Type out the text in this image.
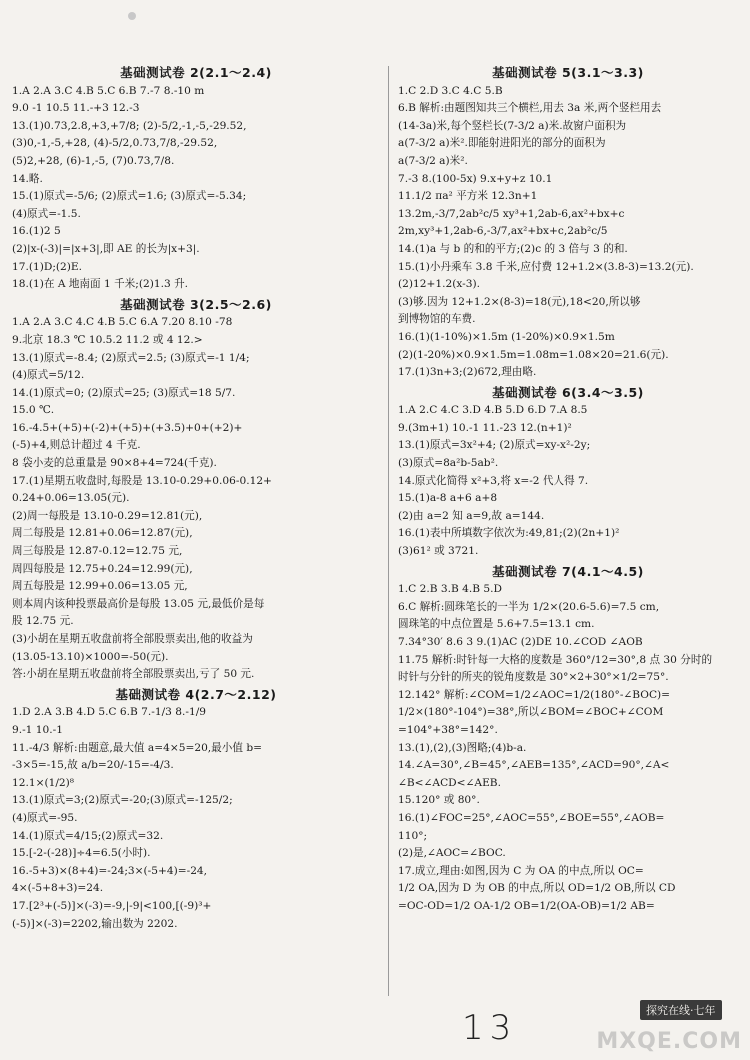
基础测试卷 2(2.1～2.4)
1.A 2.A 3.C 4.B 5.C 6.B 7.-7 8.-10 m
9.0 -1 10.5 11.-+3 12.-3
13.(1)0.73,2.8,+3,+7/8; (2)-5/2,-1,-5,-29.52,
(3)0,-1,-5,+28, (4)-5/2,0.73,7/8,-29.52,
(5)2,+28, (6)-1,-5, (7)0.73,7/8.
14.略.
15.(1)原式=-5/6; (2)原式=1.6; (3)原式=-5.34;
(4)原式=-1.5.
16.(1)2 5
(2)|x-(-3)|=|x+3|,即 AE 的长为|x+3|.
17.(1)D;(2)E.
18.(1)在 A 地南面 1 千米;(2)1.3 升.
基础测试卷 3(2.5～2.6)
1.A 2.A 3.C 4.C 4.B 5.C 6.A 7.20 8.10 -78
9.北京 18.3 ℃ 10.5.2 11.2 或 4 12.>
13.(1)原式=-8.4; (2)原式=2.5; (3)原式=-1 1/4;
(4)原式=5/12.
14.(1)原式=0; (2)原式=25; (3)原式=18 5/7.
15.0 ℃.
16.-4.5+(+5)+(-2)+(+5)+(+3.5)+0+(+2)+
(-5)+4,则总计超过 4 千克.
8 袋小麦的总重量是 90×8+4=724(千克).
17.(1)星期五收盘时,每股是 13.10-0.29+0.06-0.12+
0.24+0.06=13.05(元).
(2)周一每股是 13.10-0.29=12.81(元),
周二每股是 12.81+0.06=12.87(元),
周三每股是 12.87-0.12=12.75 元,
周四每股是 12.75+0.24=12.99(元),
周五每股是 12.99+0.06=13.05 元,
则本周内该种投票最高价是每股 13.05 元,最低价是每
股 12.75 元.
(3)小胡在星期五收盘前将全部股票卖出,他的收益为
(13.05-13.10)×1000=-50(元).
答:小胡在星期五收盘前将全部股票卖出,亏了 50 元.
基础测试卷 4(2.7～2.12)
1.D 2.A 3.B 4.D 5.C 6.B 7.-1/3 8.-1/9
9.-1 10.-1
11.-4/3 解析:由题意,最大值 a=4×5=20,最小值 b=
-3×5=-15,故 a/b=20/-15=-4/3.
12.1×(1/2)⁸
13.(1)原式=3;(2)原式=-20;(3)原式=-125/2;
(4)原式=-95.
14.(1)原式=4/15;(2)原式=32.
15.[-2-(-28)]÷4=6.5(小时).
16.-5+3)×(8+4)=-24;3×(-5+4)=-24,
4×(-5+8+3)=24.
17.[2³+(-5)]×(-3)=-9,|-9|<100,[(-9)³+
(-5)]×(-3)=2202,输出数为 2202.
基础测试卷 5(3.1～3.3)
1.C 2.D 3.C 4.C 5.B
6.B 解析:由题图知共三个横栏,用去 3a 米,两个竖栏用去
(14-3a)米,每个竖栏长(7-3/2 a)米.故窗户面积为
a(7-3/2 a)米².即能射进阳光的部分的面积为
a(7-3/2 a)米².
7.-3 8.(100-5x) 9.x+y+z 10.1
11.1/2 πa² 平方米 12.3n+1
13.2m,-3/7,2ab²c/5 xy³+1,2ab-6,ax²+bx+c
2m,xy³+1,2ab-6,-3/7,ax²+bx+c,2ab²c/5
14.(1)a 与 b 的和的平方;(2)c 的 3 倍与 3 的和.
15.(1)小丹乘车 3.8 千米,应付费 12+1.2×(3.8-3)=13.2(元).
(2)12+1.2(x-3).
(3)够.因为 12+1.2×(8-3)=18(元),18<20,所以够
到博物馆的车费.
16.(1)(1-10%)×1.5m (1-20%)×0.9×1.5m
(2)(1-20%)×0.9×1.5m=1.08m=1.08×20=21.6(元).
17.(1)3n+3;(2)672,理由略.
基础测试卷 6(3.4～3.5)
1.A 2.C 4.C 3.D 4.B 5.D 6.D 7.A 8.5
9.(3m+1) 10.-1 11.-23 12.(n+1)²
13.(1)原式=3x²+4; (2)原式=xy-x²-2y;
(3)原式=8a²b-5ab².
14.原式化简得 x²+3,将 x=-2 代人得 7.
15.(1)a-8 a+6 a+8
(2)由 a=2 知 a=9,故 a=144.
16.(1)表中所填数字依次为:49,81;(2)(2n+1)²
(3)61² 或 3721.
基础测试卷 7(4.1～4.5)
1.C 2.B 3.B 4.B 5.D
6.C 解析:圆珠笔长的一半为 1/2×(20.6-5.6)=7.5 cm,
圆珠笔的中点位置是 5.6+7.5=13.1 cm.
7.34°30′ 8.6 3 9.(1)AC (2)DE 10.∠COD ∠AOB
11.75 解析:时针每一大格的度数是 360°/12=30°,8 点 30 分时的
时针与分针的所夹的锐角度数是 30°×2+30°×1/2=75°.
12.142° 解析:∠COM=1/2∠AOC=1/2(180°-∠BOC)=
1/2×(180°-104°)=38°,所以∠BOM=∠BOC+∠COM
=104°+38°=142°.
13.(1),(2),(3)图略;(4)b-a.
14.∠A=30°,∠B=45°,∠AEB=135°,∠ACD=90°,∠A<
∠B<∠ACD<∠AEB.
15.120° 或 80°.
16.(1)∠FOC=25°,∠AOC=55°,∠BOE=55°,∠AOB=
110°;
(2)是,∠AOC=∠BOC.
17.成立,理由:如图,因为 C 为 OA 的中点,所以 OC=
1/2 OA,因为 D 为 OB 的中点,所以 OD=1/2 OB,所以 CD
=OC-OD=1/2 OA-1/2 OB=1/2(OA-OB)=1/2 AB=
13	探究在线·七年
MXQE.COM
